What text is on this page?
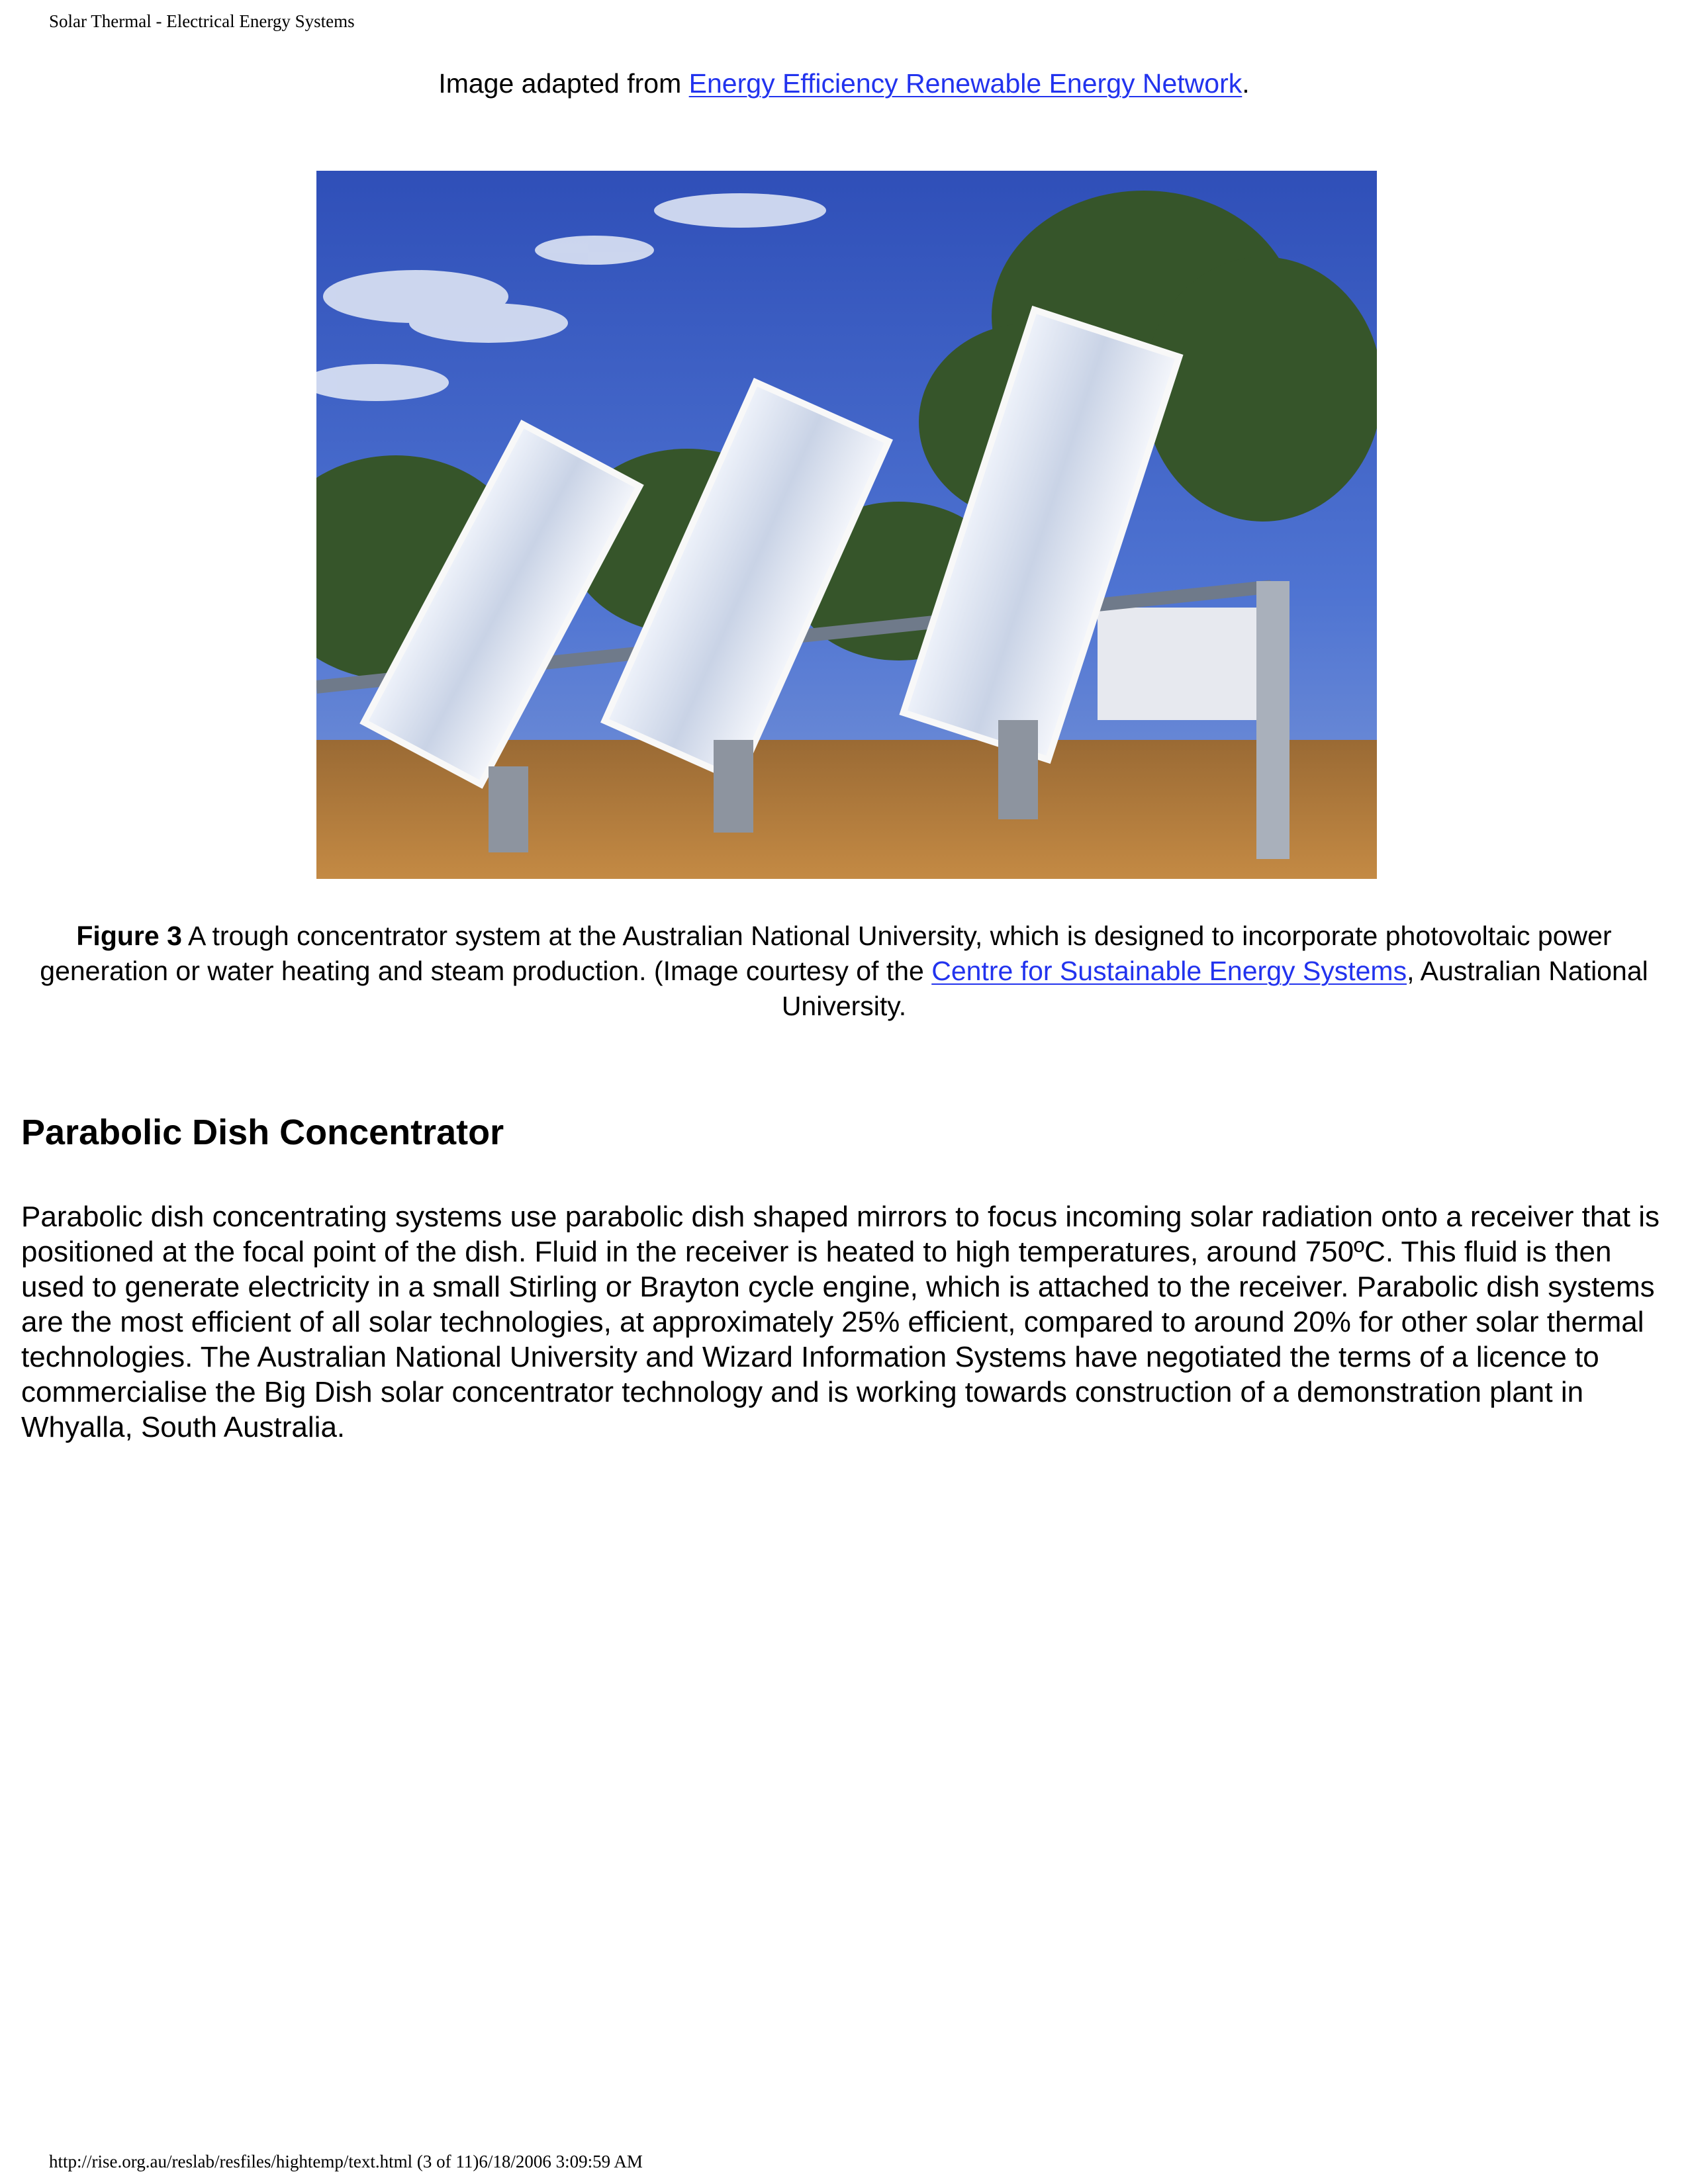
Solar Thermal - Electrical Energy Systems
Image adapted from Energy Efficiency Renewable Energy Network.
Figure 3 A trough concentrator system at the Australian National University, which is designed to incorporate photovoltaic power generation or water heating and steam production. (Image courtesy of the Centre for Sustainable Energy Systems, Australian National University.
Parabolic Dish Concentrator

Parabolic dish concentrating systems use parabolic dish shaped mirrors to focus incoming solar radiation onto a receiver that is positioned at the focal point of the dish. Fluid in the receiver is heated to high temperatures, around 750ºC. This fluid is then used to generate electricity in a small Stirling or Brayton cycle engine, which is attached to the receiver. Parabolic dish systems are the most efficient of all solar technologies, at approximately 25% efficient, compared to around 20% for other solar thermal technologies. The Australian National University and Wizard Information Systems have negotiated the terms of a licence to commercialise the Big Dish solar concentrator technology and is working towards construction of a demonstration plant in Whyalla, South Australia.

http://rise.org.au/reslab/resfiles/hightemp/text.html (3 of 11)6/18/2006 3:09:59 AM
